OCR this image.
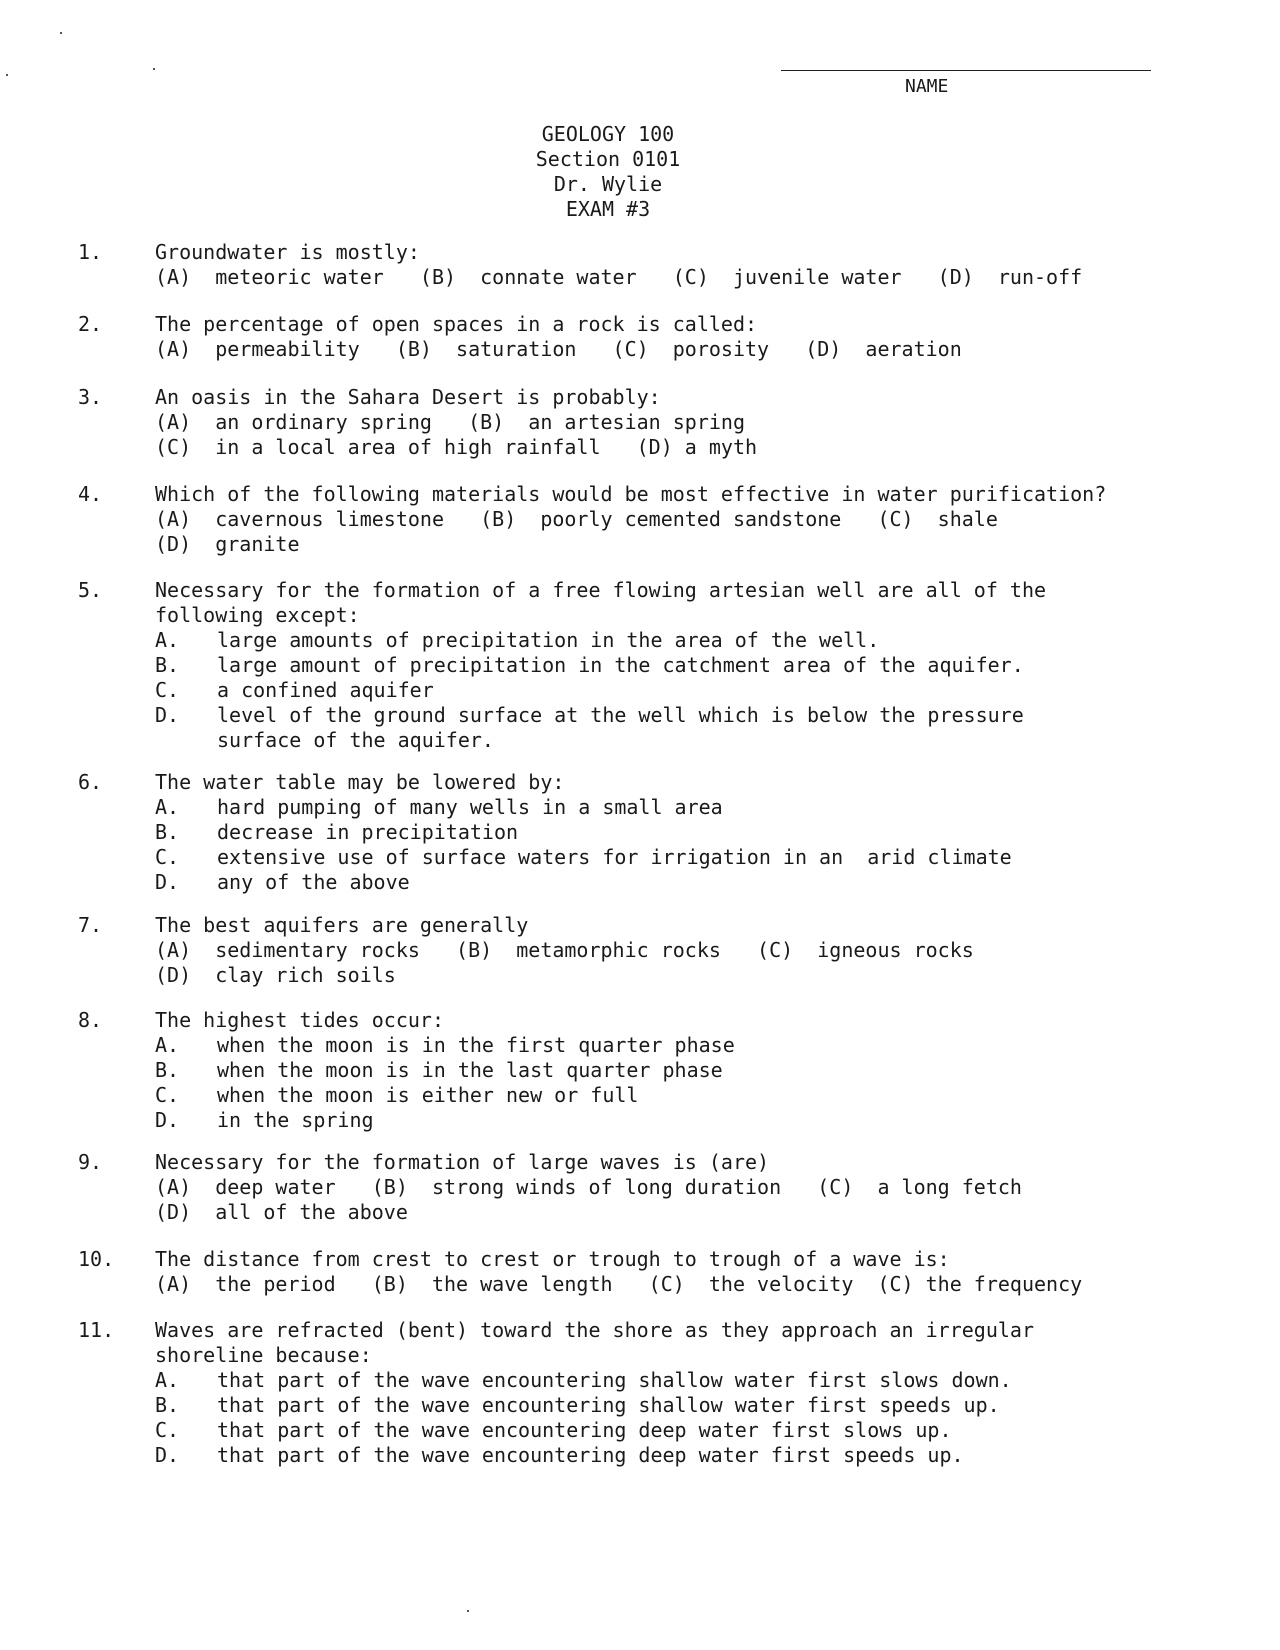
NAME
GEOLOGY 100
Section 0101
Dr. Wylie
EXAM #3
1.	Groundwater is mostly:
(A)  meteoric water   (B)  connate water   (C)  juvenile water   (D)  run-off
2.	The percentage of open spaces in a rock is called:
(A)  permeability   (B)  saturation   (C)  porosity   (D)  aeration
3.	An oasis in the Sahara Desert is probably:
(A)  an ordinary spring   (B)  an artesian spring
(C)  in a local area of high rainfall   (D) a myth
4.	Which of the following materials would be most effective in water purification?
(A)  cavernous limestone   (B)  poorly cemented sandstone   (C)  shale
(D)  granite
5.	Necessary for the formation of a free flowing artesian well are all of the
following except:
A.	large amounts of precipitation in the area of the well.
B.	large amount of precipitation in the catchment area of the aquifer.
C.	a confined aquifer
D.	level of the ground surface at the well which is below the pressure surface of the aquifer.
6.	The water table may be lowered by:
A.	hard pumping of many wells in a small area
B.	decrease in precipitation
C.	extensive use of surface waters for irrigation in an  arid climate
D.	any of the above
7.	The best aquifers are generally
(A)  sedimentary rocks   (B)  metamorphic rocks   (C)  igneous rocks
(D)  clay rich soils
8.	The highest tides occur:
A.	when the moon is in the first quarter phase
B.	when the moon is in the last quarter phase
C.	when the moon is either new or full
D.	in the spring
9.	Necessary for the formation of large waves is (are)
(A)  deep water   (B)  strong winds of long duration   (C)  a long fetch
(D)  all of the above
10. The distance from crest to crest or trough to trough of a wave is:
(A)  the period   (B)  the wave length   (C)  the velocity  (C) the frequency
11. Waves are refracted (bent) toward the shore as they approach an irregular
shoreline because:
A.	that part of the wave encountering shallow water first slows down.
B.	that part of the wave encountering shallow water first speeds up.
C.	that part of the wave encountering deep water first slows up.
D.	that part of the wave encountering deep water first speeds up.
